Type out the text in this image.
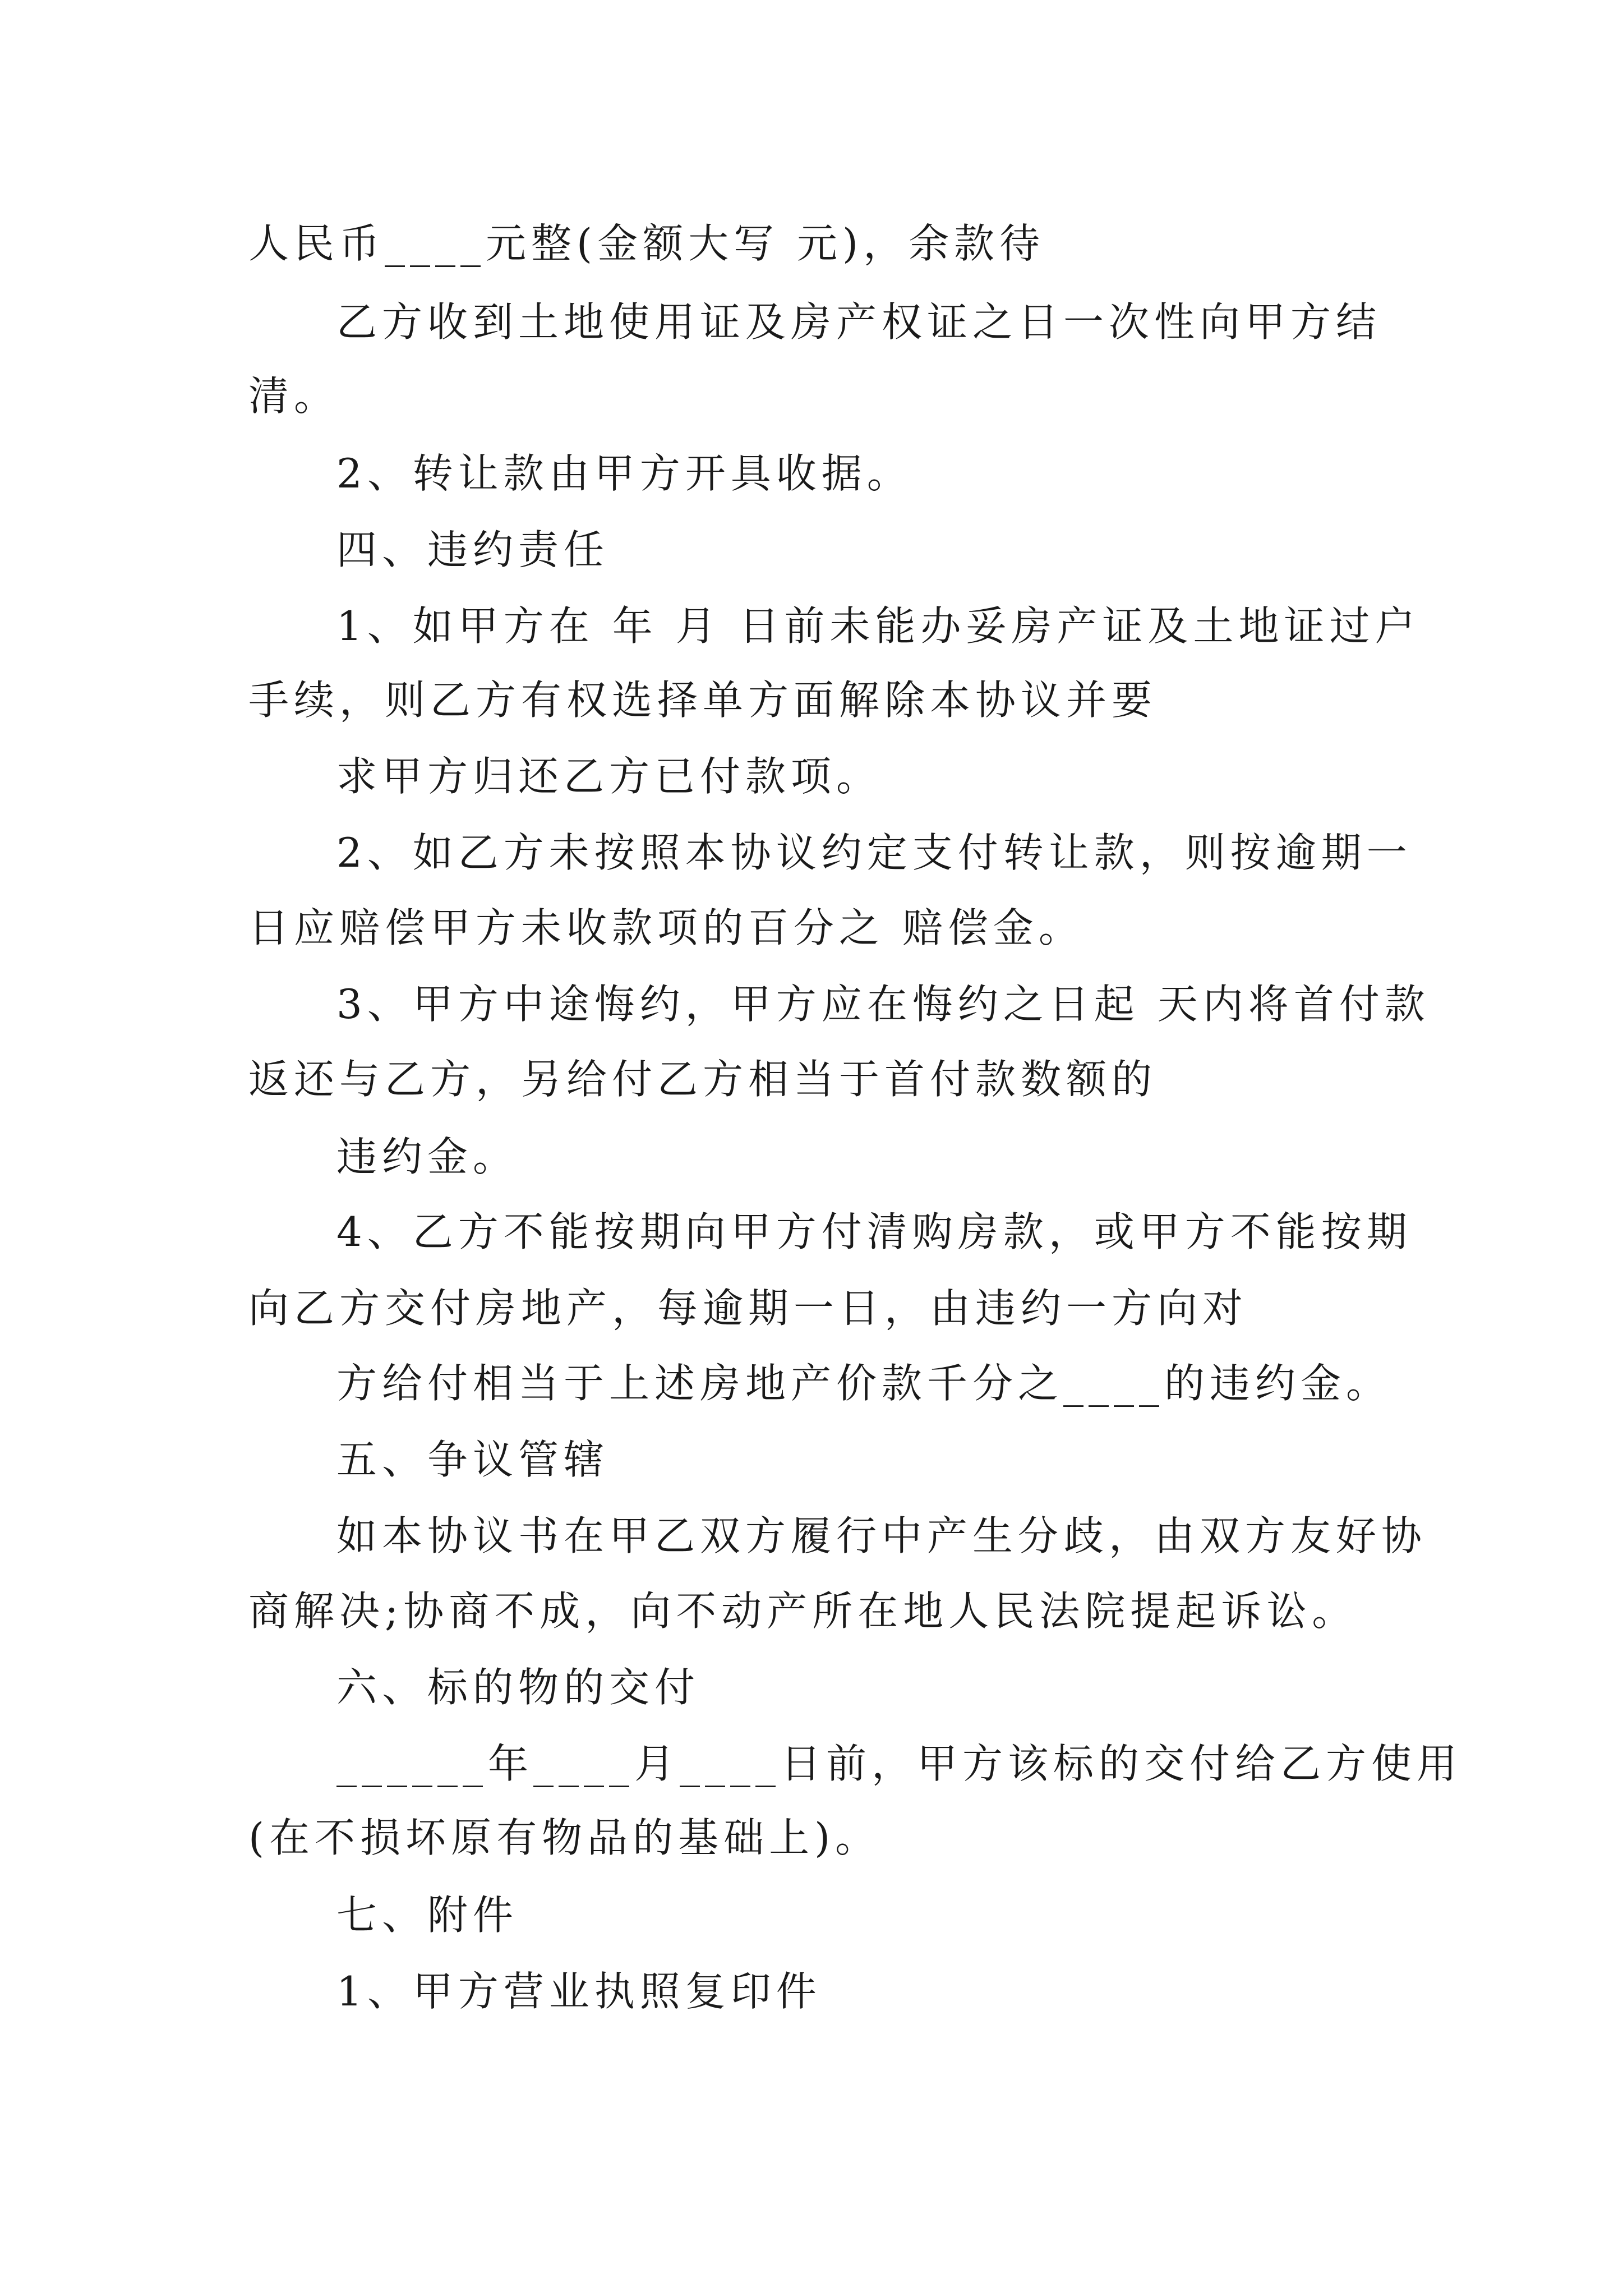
人民币____元整(金额大写 元)，余款待
乙方收到土地使用证及房产权证之日一次性向甲方结
清。
2、转让款由甲方开具收据。
四、违约责任
1、如甲方在 年 月 日前未能办妥房产证及土地证过户
手续，则乙方有权选择单方面解除本协议并要
求甲方归还乙方已付款项。
2、如乙方未按照本协议约定支付转让款，则按逾期一
日应赔偿甲方未收款项的百分之 赔偿金。
3、甲方中途悔约，甲方应在悔约之日起 天内将首付款
返还与乙方，另给付乙方相当于首付款数额的
违约金。
4、乙方不能按期向甲方付清购房款，或甲方不能按期
向乙方交付房地产，每逾期一日，由违约一方向对
方给付相当于上述房地产价款千分之____的违约金。
五、争议管辖
如本协议书在甲乙双方履行中产生分歧，由双方友好协
商解决;协商不成，向不动产所在地人民法院提起诉讼。
六、标的物的交付
______年____月____日前，甲方该标的交付给乙方使用
(在不损坏原有物品的基础上)。
七、附件
1、甲方营业执照复印件
